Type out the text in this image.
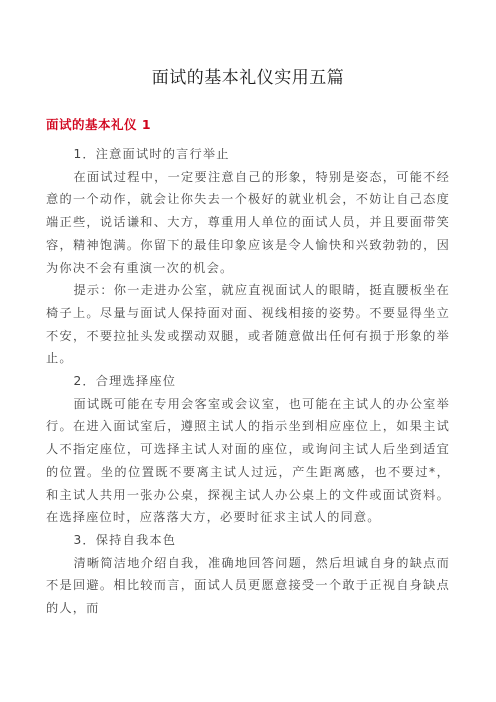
面试的基本礼仪实用五篇
面试的基本礼仪 1

1．注意面试时的言行举止

在面试过程中，一定要注意自己的形象，特别是姿态，可能不经意的一个动作，就会让你失去一个极好的就业机会，不妨让自己态度端正些，说话谦和、大方，尊重用人单位的面试人员，并且要面带笑容，精神饱满。你留下的最佳印象应该是令人愉快和兴致勃勃的，因为你决不会有重演一次的机会。

提示：你一走进办公室，就应直视面试人的眼睛，挺直腰板坐在椅子上。尽量与面试人保持面对面、视线相接的姿势。不要显得坐立不安，不要拉扯头发或摆动双腿，或者随意做出任何有损于形象的举止。

2．合理选择座位

面试既可能在专用会客室或会议室，也可能在主试人的办公室举行。在进入面试室后，遵照主试人的指示坐到相应座位上，如果主试人不指定座位，可选择主试人对面的座位，或询问主试人后坐到适宜的位置。坐的位置既不要离主试人过远，产生距离感，也不要过*，和主试人共用一张办公桌，探视主试人办公桌上的文件或面试资料。在选择座位时，应落落大方，必要时征求主试人的同意。

3．保持自我本色

清晰简洁地介绍自我，准确地回答问题，然后坦诚自身的缺点而不是回避。相比较而言，面试人员更愿意接受一个敢于正视自身缺点的人，而
